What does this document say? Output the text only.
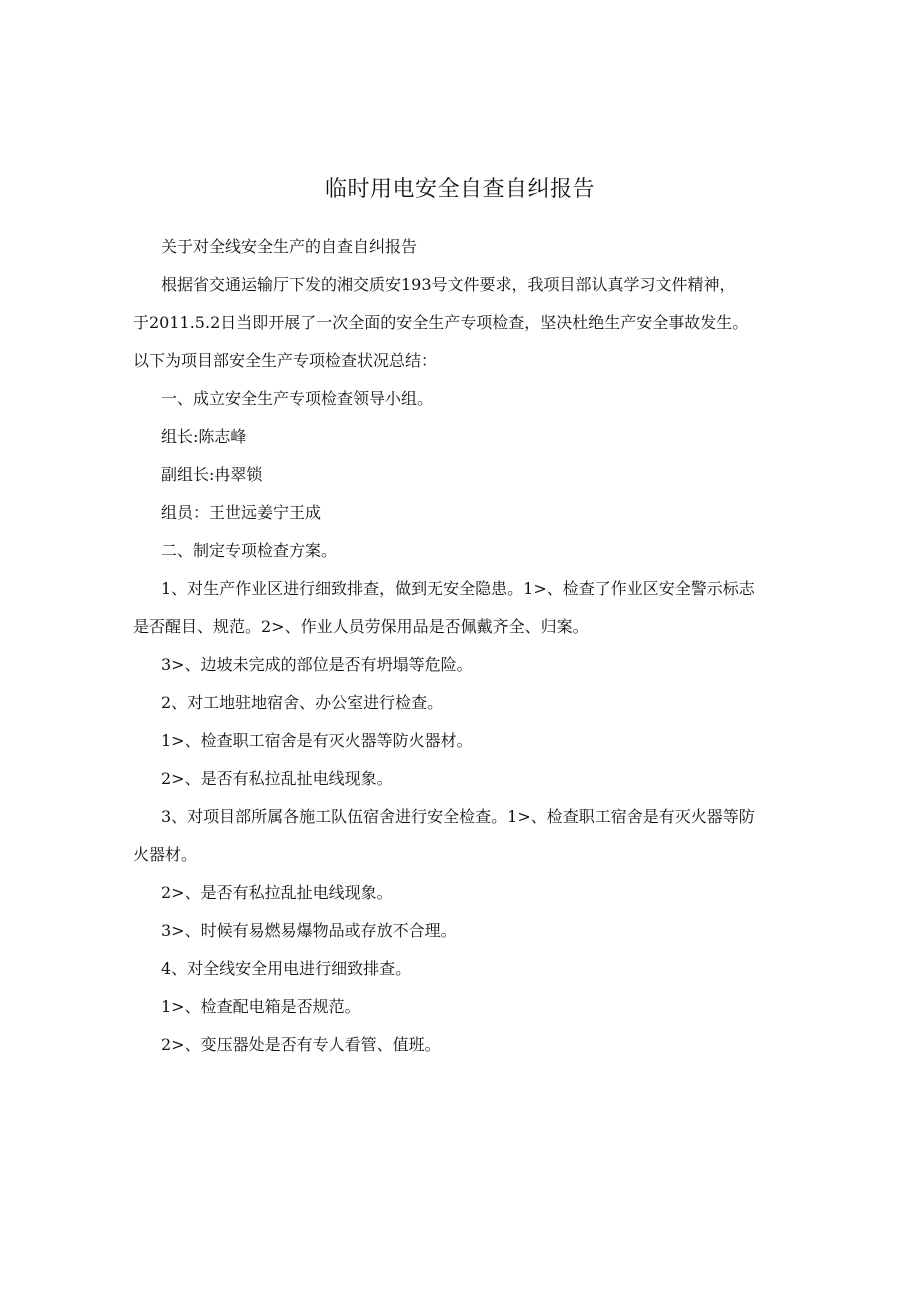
临时用电安全自查自纠报告

关于对全线安全生产的自查自纠报告

根据省交通运输厅下发的湘交质安193号文件要求，我项目部认真学习文件精神，

于2011.5.2日当即开展了一次全面的安全生产专项检查，坚决杜绝生产安全事故发生。

以下为项目部安全生产专项检查状况总结：

一、成立安全生产专项检查领导小组。

组长:陈志峰

副组长:冉翠锁

组员：王世远姜宁王成

二、制定专项检查方案。

1、对生产作业区进行细致排查，做到无安全隐患。1>、检查了作业区安全警示标志

是否醒目、规范。2>、作业人员劳保用品是否佩戴齐全、归案。

3>、边坡未完成的部位是否有坍塌等危险。

2、对工地驻地宿舍、办公室进行检查。

1>、检查职工宿舍是有灭火器等防火器材。

2>、是否有私拉乱扯电线现象。

3、对项目部所属各施工队伍宿舍进行安全检查。1>、检查职工宿舍是有灭火器等防

火器材。

2>、是否有私拉乱扯电线现象。

3>、时候有易燃易爆物品或存放不合理。

4、对全线安全用电进行细致排查。

1>、检查配电箱是否规范。

2>、变压器处是否有专人看管、值班。
